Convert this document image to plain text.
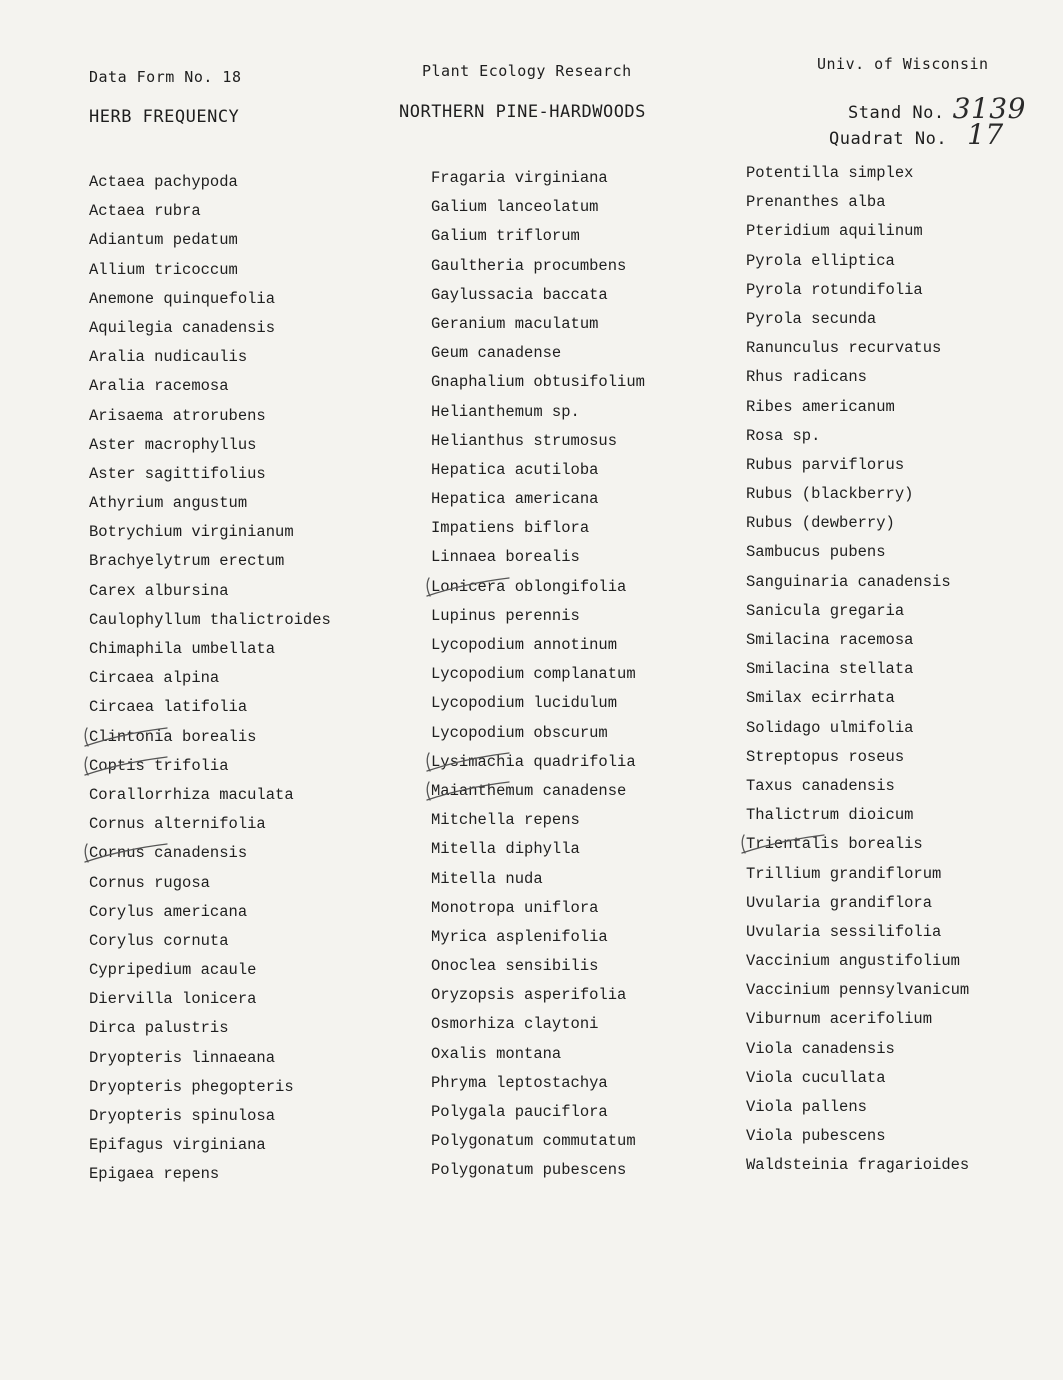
Data Form No. 18	Plant Ecology Research	Univ. of Wisconsin
HERB FREQUENCY	NORTHERN PINE-HARDWOODS	Stand No. 3139
Quadrat No. 17
Actaea pachypoda
Actaea rubra
Adiantum pedatum
Allium tricoccum
Anemone quinquefolia
Aquilegia canadensis
Aralia nudicaulis
Aralia racemosa
Arisaema atrorubens
Aster macrophyllus
Aster sagittifolius
Athyrium angustum
Botrychium virginianum
Brachyelytrum erectum
Carex albursina
Caulophyllum thalictroides
Chimaphila umbellata
Circaea alpina
Circaea latifolia
Clintonia borealis
Coptis trifolia
Corallorrhiza maculata
Cornus alternifolia
Cornus canadensis
Cornus rugosa
Corylus americana
Corylus cornuta
Cypripedium acaule
Diervilla lonicera
Dirca palustris
Dryopteris linnaeana
Dryopteris phegopteris
Dryopteris spinulosa
Epifagus virginiana
Epigaea repens
Fragaria virginiana
Galium lanceolatum
Galium triflorum
Gaultheria procumbens
Gaylussacia baccata
Geranium maculatum
Geum canadense
Gnaphalium obtusifolium
Helianthemum sp.
Helianthus strumosus
Hepatica acutiloba
Hepatica americana
Impatiens biflora
Linnaea borealis
Lonicera oblongifolia
Lupinus perennis
Lycopodium annotinum
Lycopodium complanatum
Lycopodium lucidulum
Lycopodium obscurum
Lysimachia quadrifolia
Maianthemum canadense
Mitchella repens
Mitella diphylla
Mitella nuda
Monotropa uniflora
Myrica asplenifolia
Onoclea sensibilis
Oryzopsis asperifolia
Osmorhiza claytoni
Oxalis montana
Phryma leptostachya
Polygala pauciflora
Polygonatum commutatum
Polygonatum pubescens
Potentilla simplex
Prenanthes alba
Pteridium aquilinum
Pyrola elliptica
Pyrola rotundifolia
Pyrola secunda
Ranunculus recurvatus
Rhus radicans
Ribes americanum
Rosa sp.
Rubus parviflorus
Rubus (blackberry)
Rubus (dewberry)
Sambucus pubens
Sanguinaria canadensis
Sanicula gregaria
Smilacina racemosa
Smilacina stellata
Smilax ecirrhata
Solidago ulmifolia
Streptopus roseus
Taxus canadensis
Thalictrum dioicum
Trientalis borealis
Trillium grandiflorum
Uvularia grandiflora
Uvularia sessilifolia
Vaccinium angustifolium
Vaccinium pennsylvanicum
Viburnum acerifolium
Viola canadensis
Viola cucullata
Viola pallens
Viola pubescens
Waldsteinia fragarioides
